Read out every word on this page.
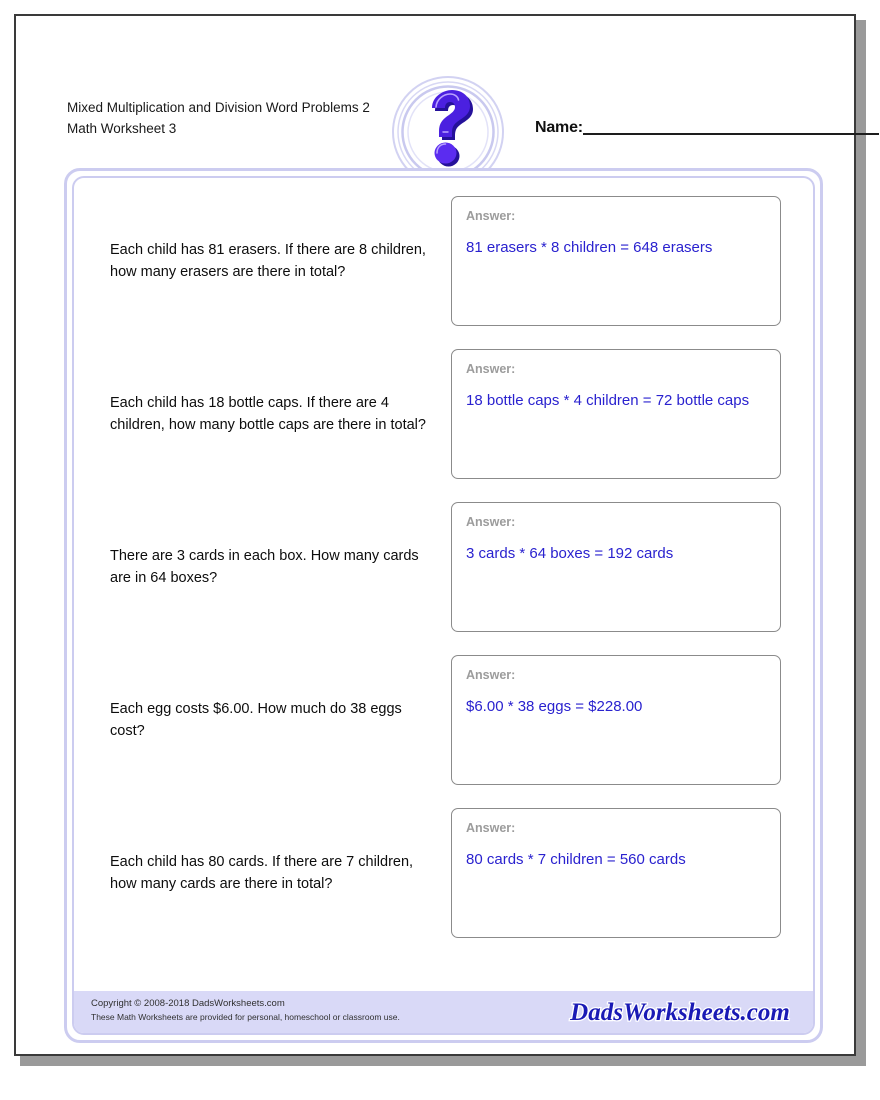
Mixed Multiplication and Division Word Problems 2
Math Worksheet 3	Name:
Each child has 81 erasers. If there are 8 children, how many erasers are there in total?
Answer:
81 erasers * 8 children = 648 erasers
Each child has 18 bottle caps. If there are 4 children, how many bottle caps are there in total?
Answer:
18 bottle caps * 4 children = 72 bottle caps
There are 3 cards in each box. How many cards are in 64 boxes?
Answer:
3 cards * 64 boxes = 192 cards
Each egg costs $6.00. How much do 38 eggs cost?
Answer:
$6.00 * 38 eggs = $228.00
Each child has 80 cards. If there are 7 children, how many cards are there in total?
Answer:
80 cards * 7 children = 560 cards
Copyright © 2008-2018 DadsWorksheets.com
These Math Worksheets are provided for personal, homeschool or classroom use.	DadsWorksheets.com
